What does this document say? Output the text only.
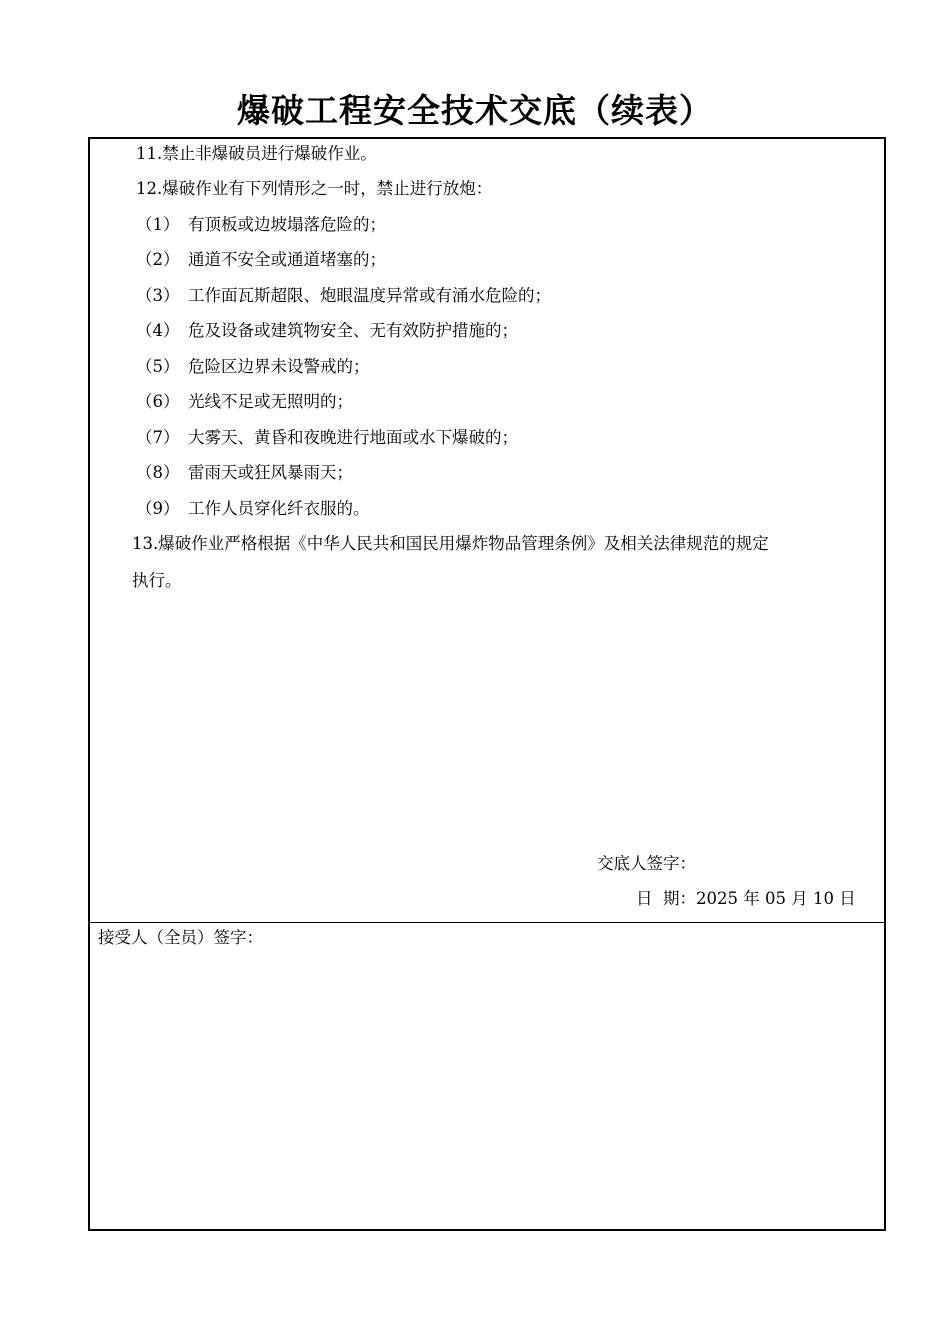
爆破工程安全技术交底（续表）
11.禁止非爆破员进行爆破作业。
12.爆破作业有下列情形之一时，禁止进行放炮：
（1） 有顶板或边坡塌落危险的；
（2） 通道不安全或通道堵塞的；
（3） 工作面瓦斯超限、炮眼温度异常或有涌水危险的；
（4） 危及设备或建筑物安全、无有效防护措施的；
（5） 危险区边界未设警戒的；
（6） 光线不足或无照明的；
（7） 大雾天、黄昏和夜晚进行地面或水下爆破的；
（8） 雷雨天或狂风暴雨天；
（9） 工作人员穿化纤衣服的。
13.爆破作业严格根据《中华人民共和国民用爆炸物品管理条例》及相关法律规范的规定
执行。
交底人签字：
日  期：2025 年 05 月 10 日
接受人（全员）签字：
